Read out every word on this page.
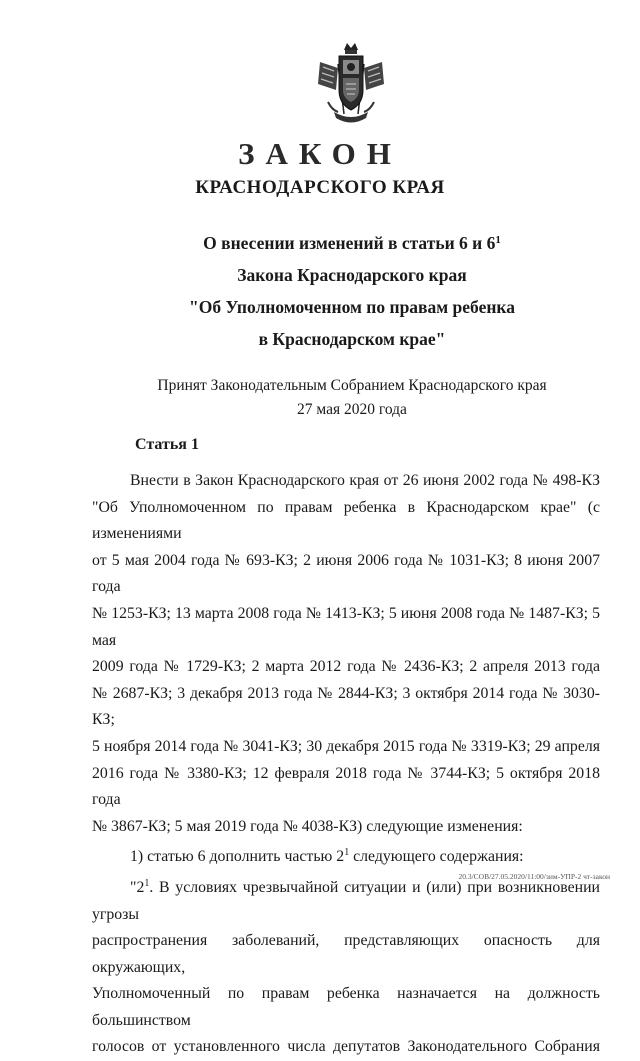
ЗАКОН
КРАСНОДАРСКОГО КРАЯ
О внесении изменений в статьи 6 и $6^1$
Закона Краснодарского края
"Об Уполномоченном по правам ребенка
в Краснодарском крае"
Принят Законодательным Собранием Краснодарского края
27 мая 2020 года
Статья 1

Внести в Закон Краснодарского края от 26 июня 2002 года № 498-КЗ

"Об Уполномоченном по правам ребенка в Краснодарском крае" (с изменениями

от 5 мая 2004 года № 693-КЗ; 2 июня 2006 года № 1031-КЗ; 8 июня 2007 года

№ 1253-КЗ; 13 марта 2008 года № 1413-КЗ; 5 июня 2008 года № 1487-КЗ; 5 мая

2009 года № 1729-КЗ; 2 марта 2012 года № 2436-КЗ; 2 апреля 2013 года

№ 2687-КЗ; 3 декабря 2013 года № 2844-КЗ; 3 октября 2014 года № 3030-КЗ;

5 ноября 2014 года № 3041-КЗ; 30 декабря 2015 года № 3319-КЗ; 29 апреля

2016 года № 3380-КЗ; 12 февраля 2018 года № 3744-КЗ; 5 октября 2018 года

№ 3867-КЗ; 5 мая 2019 года № 4038-КЗ) следующие изменения:

1) статью 6 дополнить частью $2^1$ следующего содержания:

"$2^1$. В условиях чрезвычайной ситуации и (или) при возникновении угрозы

распространения заболеваний, представляющих опасность для окружающих,

Уполномоченный по правам ребенка назначается на должность большинством

голосов от установленного числа депутатов Законодательного Собрания

20.3/СОВ/27.05.2020/11:00/зим-УПР-2 чт-закон
